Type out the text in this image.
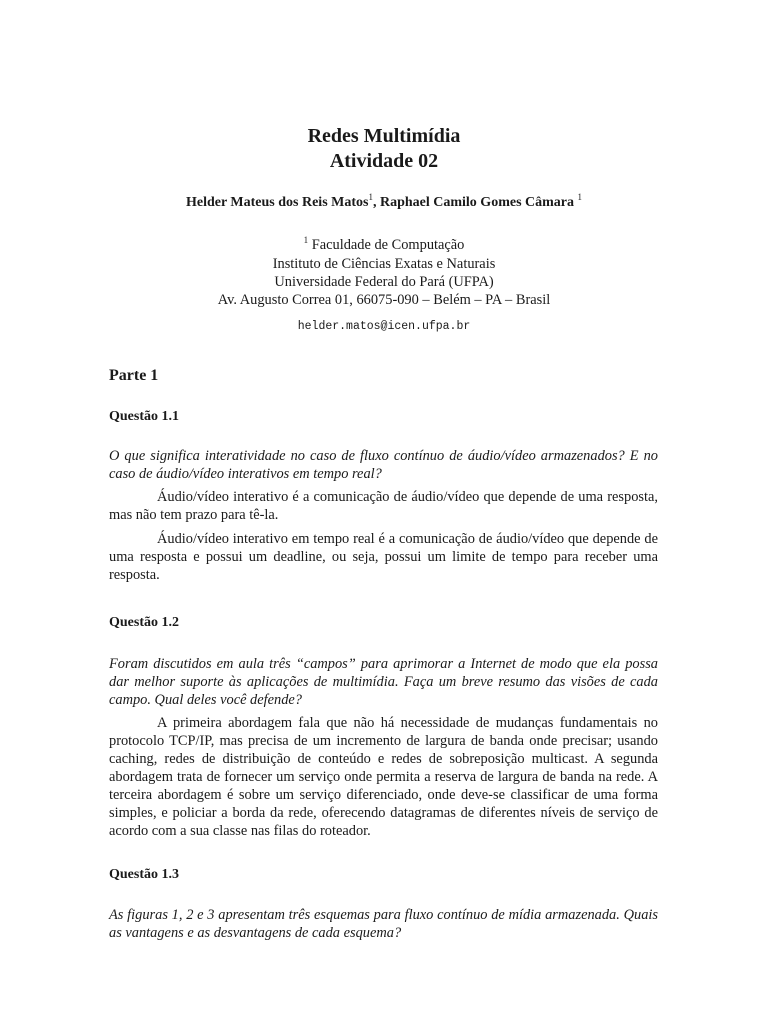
Redes Multimídia
Atividade 02
Helder Mateus dos Reis Matos$^1$, Raphael Camilo Gomes Câmara $^1$
$^1$ Faculdade de Computação
Instituto de Ciências Exatas e Naturais
Universidade Federal do Pará (UFPA)
Av. Augusto Correa 01, 66075-090 – Belém – PA – Brasil
helder.matos@icen.ufpa.br
Parte 1
Questão 1.1
O que significa interatividade no caso de fluxo contínuo de áudio/vídeo armazenados? E no caso de áudio/vídeo interativos em tempo real?
Áudio/vídeo interativo é a comunicação de áudio/vídeo que depende de uma resposta, mas não tem prazo para tê-la.
Áudio/vídeo interativo em tempo real é a comunicação de áudio/vídeo que depende de uma resposta e possui um deadline, ou seja, possui um limite de tempo para receber uma resposta.
Questão 1.2
Foram discutidos em aula três “campos” para aprimorar a Internet de modo que ela possa dar melhor suporte às aplicações de multimídia. Faça um breve resumo das visões de cada campo. Qual deles você defende?
A primeira abordagem fala que não há necessidade de mudanças fundamentais no protocolo TCP/IP, mas precisa de um incremento de largura de banda onde precisar; usando caching, redes de distribuição de conteúdo e redes de sobreposição multicast. A segunda abordagem trata de fornecer um serviço onde permita a reserva de largura de banda na rede. A terceira abordagem é sobre um serviço diferenciado, onde deve-se classificar de uma forma simples, e policiar a borda da rede, oferecendo datagramas de diferentes níveis de serviço de acordo com a sua classe nas filas do roteador.
Questão 1.3
As figuras 1, 2 e 3 apresentam três esquemas para fluxo contínuo de mídia armazenada. Quais as vantagens e as desvantagens de cada esquema?
